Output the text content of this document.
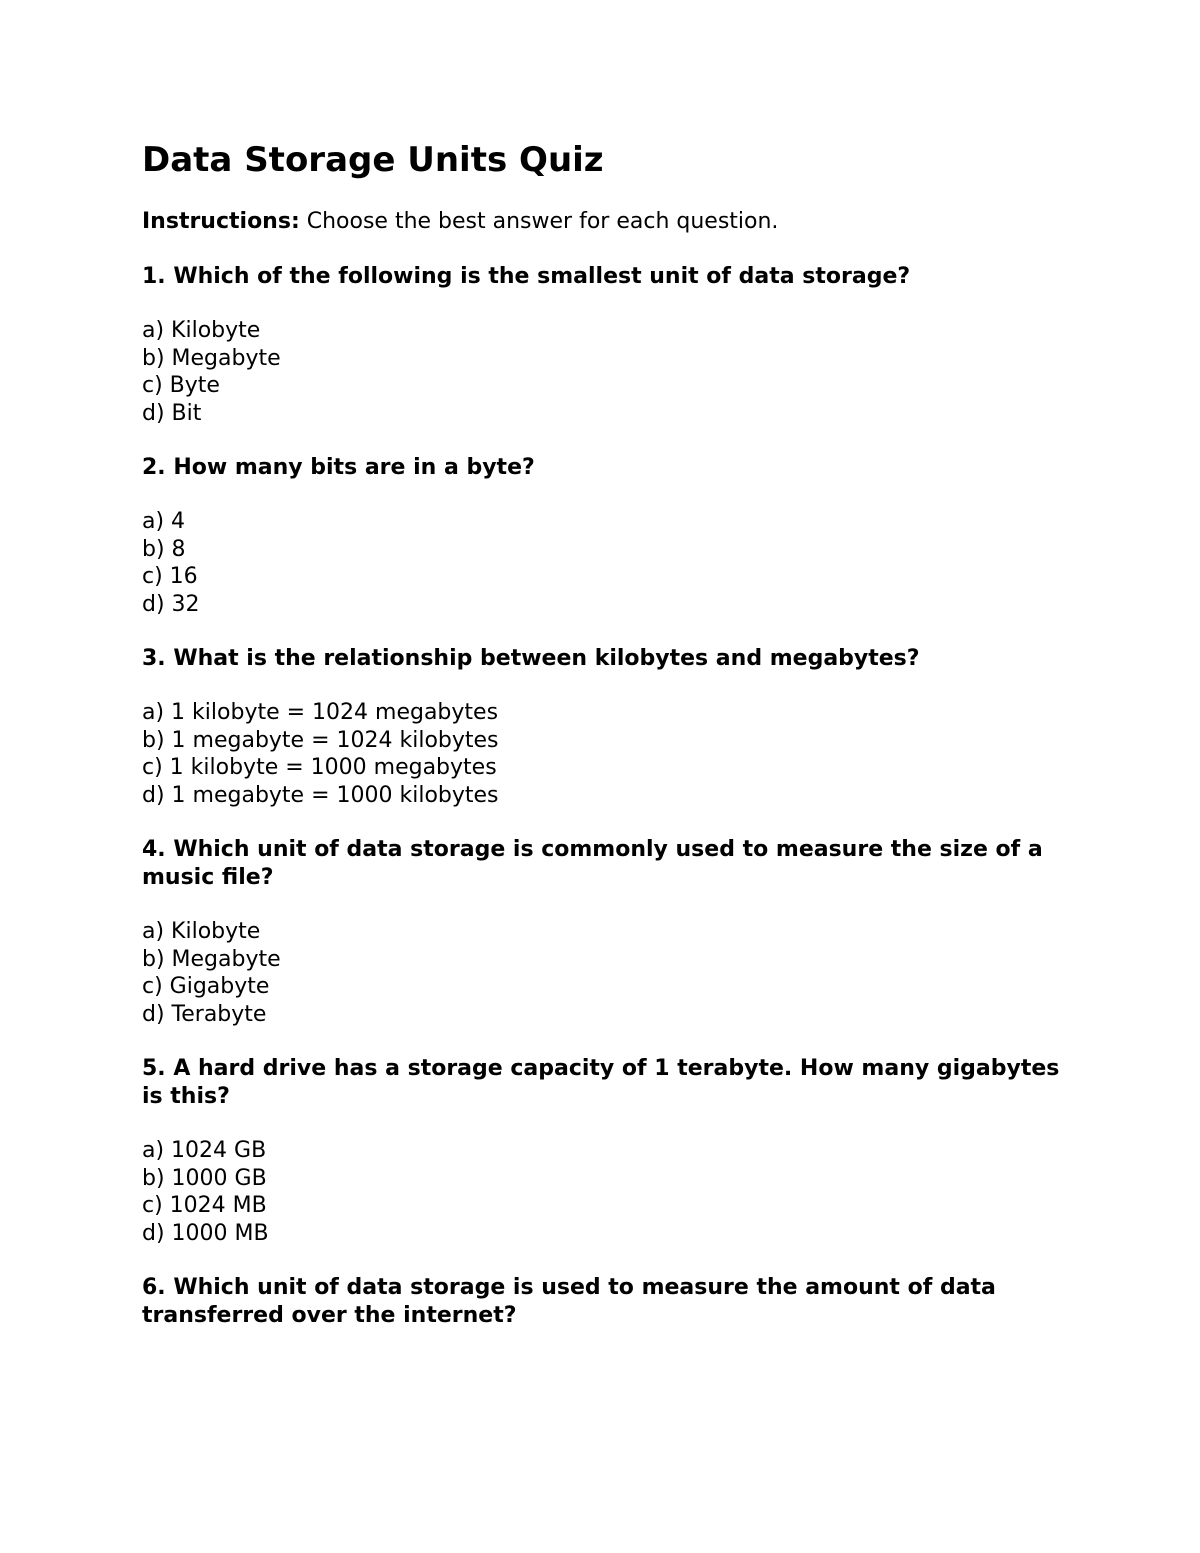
Data Storage Units Quiz

Instructions: Choose the best answer for each question.

1. Which of the following is the smallest unit of data storage?

a) Kilobyte
b) Megabyte
c) Byte
d) Bit

2. How many bits are in a byte?

a) 4
b) 8
c) 16
d) 32

3. What is the relationship between kilobytes and megabytes?

a) 1 kilobyte = 1024 megabytes
b) 1 megabyte = 1024 kilobytes
c) 1 kilobyte = 1000 megabytes
d) 1 megabyte = 1000 kilobytes

4. Which unit of data storage is commonly used to measure the size of a music file?

a) Kilobyte
b) Megabyte
c) Gigabyte
d) Terabyte

5. A hard drive has a storage capacity of 1 terabyte. How many gigabytes is this?

a) 1024 GB
b) 1000 GB
c) 1024 MB
d) 1000 MB

6. Which unit of data storage is used to measure the amount of data transferred over the internet?
